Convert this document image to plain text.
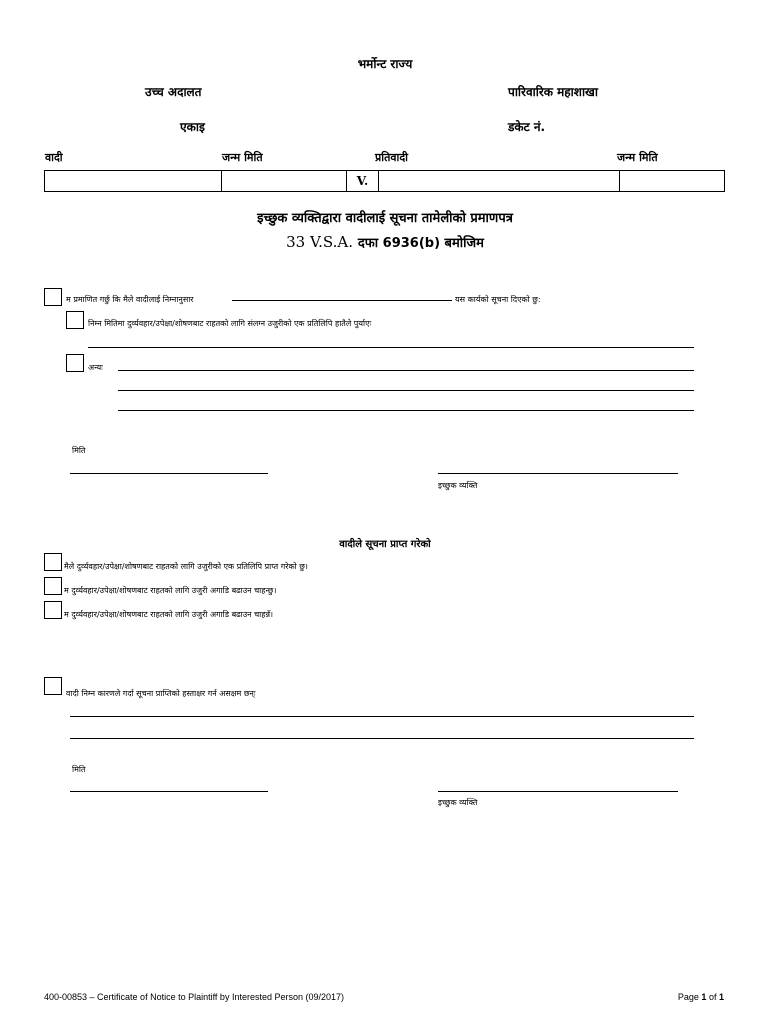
भर्मोन्ट राज्य
उच्च अदालत	पारिवारिक महाशाखा
एकाइ	डकेट नं.
वादी	जन्म मिति	प्रतिवादी	जन्म मिति
		V.		
इच्छुक व्यक्तिद्वारा वादीलाई सूचना तामेलीको प्रमाणपत्र
33 V.S.A. दफा 6936(b) बमोजिम
म प्रमाणित गर्छु कि मैले वादीलाई निम्नानुसार	यस कार्यको सूचना दिएको छु:
निम्न मितिमा दुर्व्यवहार/उपेक्षा/शोषणबाट राहतको लागि संलग्न उजुरीको एक प्रतिलिपि हातैले पुर्याएः
अन्यः
मिति
इच्छुक व्यक्ति
वादीले सूचना प्राप्त गरेको
मैले दुर्व्यवहार/उपेक्षा/शोषणबाट राहतको लागि उजुरीको एक प्रतिलिपि प्राप्त गरेको छु।
म दुर्व्यवहार/उपेक्षा/शोषणबाट राहतको लागि उजुरी अगाडि बढाउन चाहन्छु।
म दुर्व्यवहार/उपेक्षा/शोषणबाट राहतको लागि उजुरी अगाडि बढाउन चाहन्नँ।
वादी निम्न कारणले गर्दा सूचना प्राप्तिको हस्ताक्षर गर्न असक्षम छन्ः
मिति
इच्छुक व्यक्ति
400-00853 – Certificate of Notice to Plaintiff by Interested Person (09/2017)	Page 1 of 1
